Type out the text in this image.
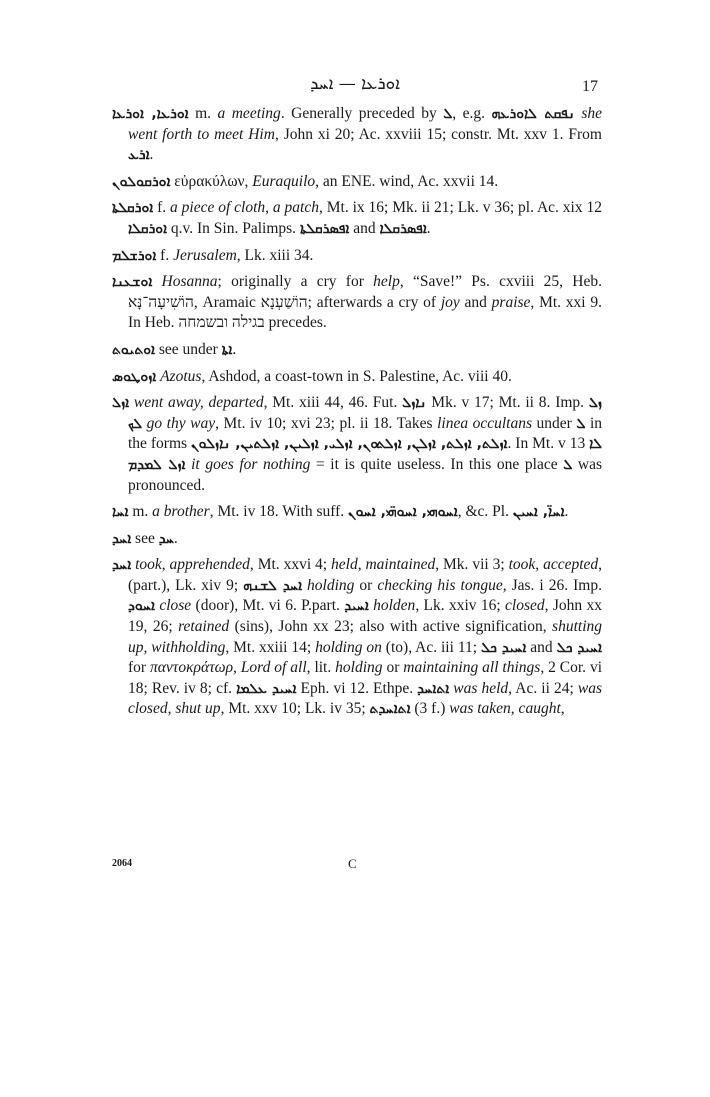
ܐܘܪܥܐ — ܐܚܕ	17

ܐܘܪܥܐ, ܐܘܪܥܐ m. a meeting. Generally preceded by ܠ, e.g. ܢܦܩܬ ܠܐܘܪܥܗ she went forth to meet Him, John xi 20; Ac. xxviii 15; constr. Mt. xxv 1. From ܐܪܥ.

ܐܘܪܩܘܠܘܢ εὐρακύλων, Euraquilo, an ENE. wind, Ac. xxvii 14.

ܐܘܪܩܠܬܐ f. a piece of cloth, a patch, Mt. ix 16; Mk. ii 21; Lk. v 36; pl. Ac. xix 12 ܐܘܪܩܠܐ q.v. In Sin. Palimps. ܐܦܣܪܩܠܬܐ and ܐܦܣܪܩܠܐ.

ܐܘܪܫܠܡ f. Jerusalem, Lk. xiii 34.

ܐܘܫܥܢܐ Hosanna; originally a cry for help, “Save!” Ps. cxviii 25, Heb. הוֹשִׁיעָה־נָּא, Aramaic הוֹשַׁעְנָא; afterwards a cry of joy and praise, Mt. xxi 9. In Heb. בגילה ובשמחה precedes.

ܐܘܬܝܘܬ see under ܐܬܐ.

ܐܙܘܛܘܣ Azotus, Ashdod, a coast-town in S. Palestine, Ac. viii 40.

ܐܙܠ went away, departed, Mt. xiii 44, 46. Fut. ܢܐܙܠ Mk. v 17; Mt. ii 8. Imp. ܙܠ ܠܟ go thy way, Mt. iv 10; xvi 23; pl. ii 18. Takes linea occultans under ܠ in the forms ܐܙܠܬ, ܐܙܠܬ, ܐܙܠܢ, ܐܙܠܬܘܢ, ܐܙܠܝ, ܐܙܠܝܢ, ܐܙܠܬܝܢ, ܢܐܙܠܘܢ. In Mt. v 13 ܠܐ ܐܙܠ ܠܡܕܡ it goes for nothing = it is quite useless. In this one place ܠ was pronounced.

ܐܚܐ m. a brother, Mt. iv 18. With suff. ܐܚܘܗܝ, ܐܚܘܗ̈ܝ, ܐܚܘܢ, &c. Pl. ܐܚܐ̈, ܐܚܝܢ.

ܐܚܕ see ܚܕ.

ܐܚܕ took, apprehended, Mt. xxvi 4; held, maintained, Mk. vii 3; took, accepted, (part.), Lk. xiv 9; ܐܚܕ ܠܫܢܗ holding or checking his tongue, Jas. i 26. Imp. ܐܚܘܕ close (door), Mt. vi 6. P.part. ܐܚܝܕ holden, Lk. xxiv 16; closed, John xx 19, 26; retained (sins), John xx 23; also with active signification, shutting up, withholding, Mt. xxiii 14; holding on (to), Ac. iii 11; ܐܚܝܕ ܟܠ and ܐܚܝܕ ܟܠ for παντοκράτωρ, Lord of all, lit. holding or maintaining all things, 2 Cor. vi 18; Rev. iv 8; cf. ܐܚܝܕ ܥܠܡܐ Eph. vi 12. Ethpe. ܐܬܐܚܕ was held, Ac. ii 24; was closed, shut up, Mt. xxv 10; Lk. iv 35; ܐܬܐܚܕܬ (3 f.) was taken, caught,

2064	C
